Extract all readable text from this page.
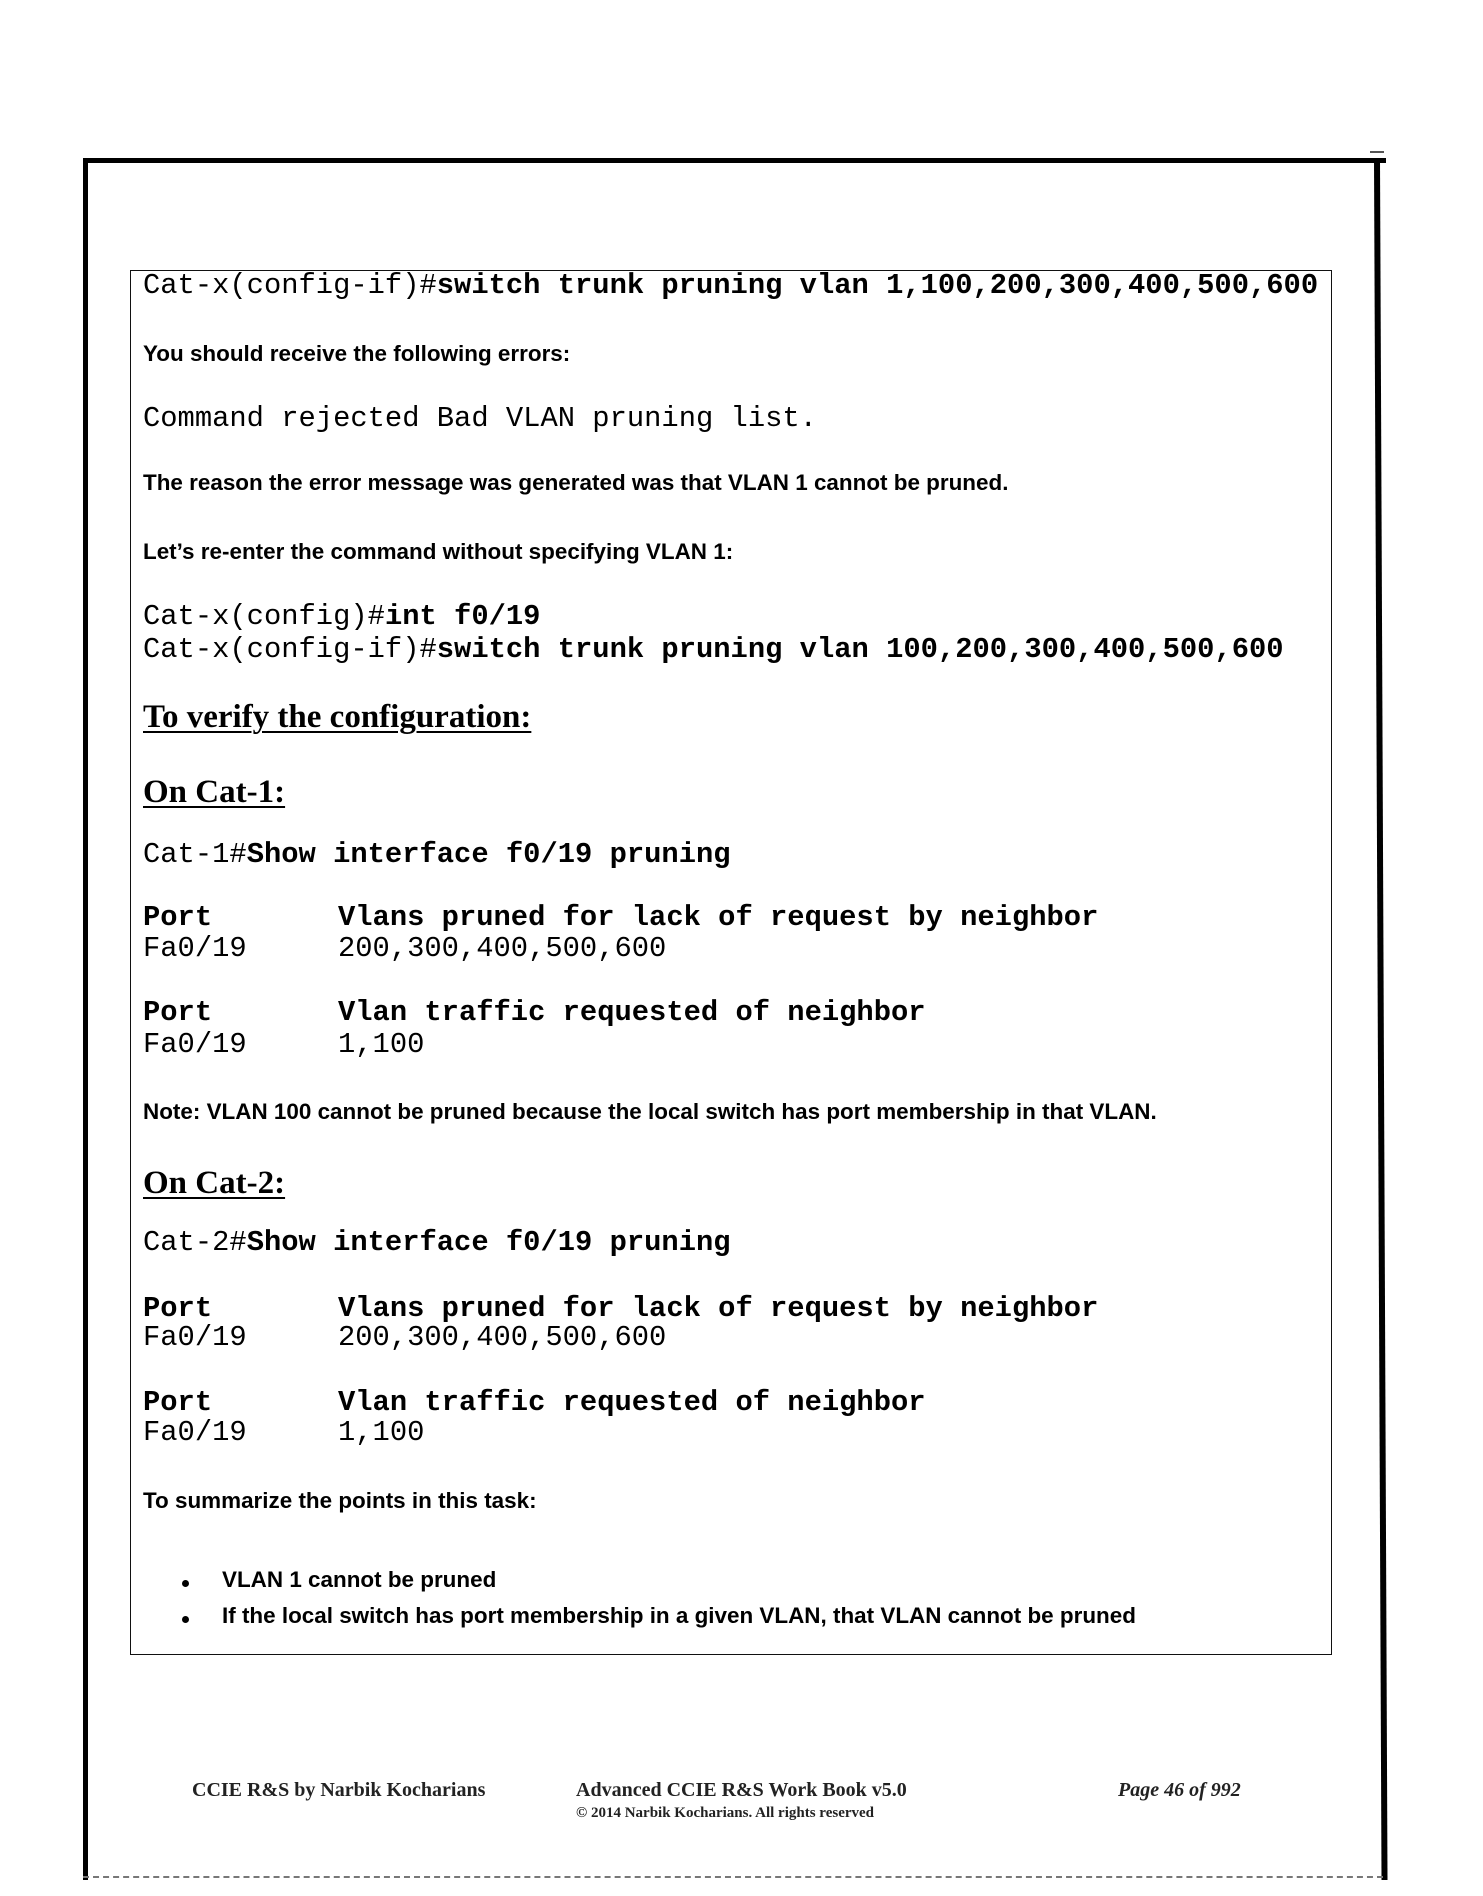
Cat-x(config-if)#switch trunk pruning vlan 1,100,200,300,400,500,600
You should receive the following errors:
Command rejected Bad VLAN pruning list.
The reason the error message was generated was that VLAN 1 cannot be pruned.
Let’s re-enter the command without specifying VLAN 1:
Cat-x(config)#int f0/19
Cat-x(config-if)#switch trunk pruning vlan 100,200,300,400,500,600
To verify the configuration:
On Cat-1:
Cat-1#Show interface f0/19 pruning
Port	Vlans pruned for lack of request by neighbor
Fa0/19	200,300,400,500,600
Port	Vlan traffic requested of neighbor
Fa0/19	1,100
Note: VLAN 100 cannot be pruned because the local switch has port membership in that VLAN.
On Cat-2:
Cat-2#Show interface f0/19 pruning
Port	Vlans pruned for lack of request by neighbor
Fa0/19	200,300,400,500,600
Port	Vlan traffic requested of neighbor
Fa0/19	1,100
To summarize the points in this task:
VLAN 1 cannot be pruned
If the local switch has port membership in a given VLAN, that VLAN cannot be pruned
CCIE R&S by Narbik Kocharians	Advanced CCIE R&S Work Book v5.0
© 2014 Narbik Kocharians. All rights reserved
Page 46 of 992
